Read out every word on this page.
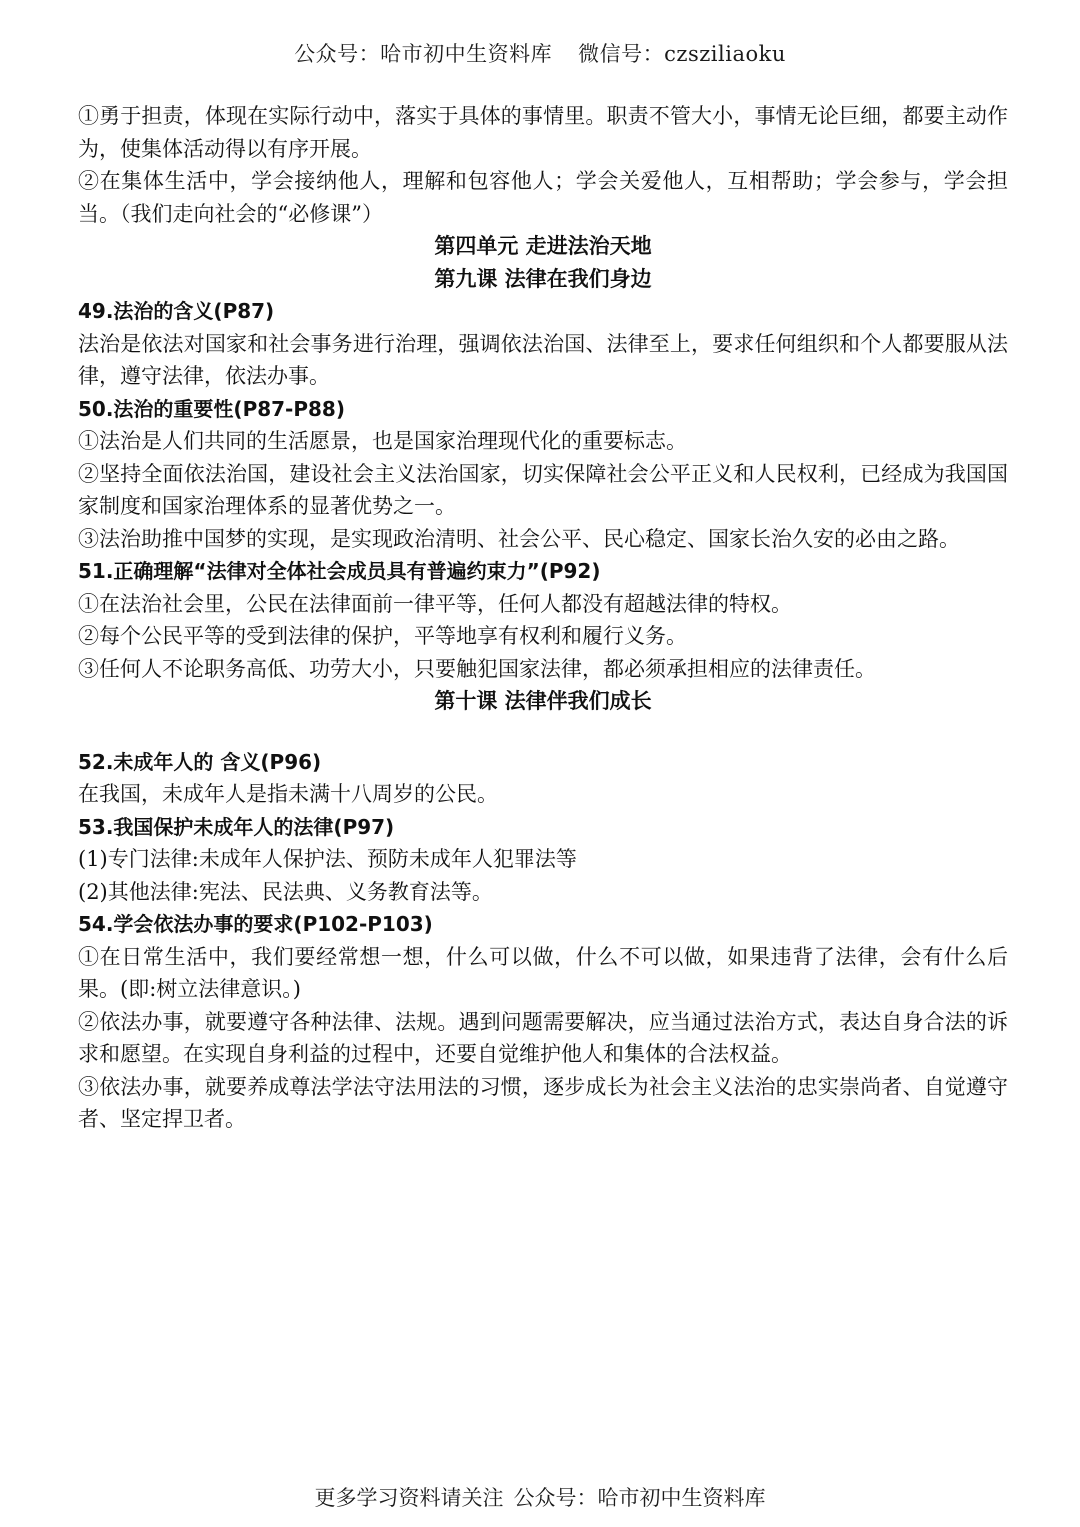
公众号：哈市初中生资料库 微信号：czsziliaoku

①勇于担责，体现在实际行动中，落实于具体的事情里。职责不管大小，事情无论巨细，都要主动作为，使集体活动得以有序开展。

②在集体生活中，学会接纳他人，理解和包容他人；学会关爱他人，互相帮助；学会参与，学会担当。（我们走向社会的“必修课”）

第四单元 走进法治天地
第九课 法律在我们身边
49.法治的含义(P87)

法治是依法对国家和社会事务进行治理，强调依法治国、法律至上，要求任何组织和个人都要服从法律，遵守法律，依法办事。

50.法治的重要性(P87-P88)

①法治是人们共同的生活愿景，也是国家治理现代化的重要标志。

②坚持全面依法治国，建设社会主义法治国家，切实保障社会公平正义和人民权利，已经成为我国国家制度和国家治理体系的显著优势之一。

③法治助推中国梦的实现，是实现政治清明、社会公平、民心稳定、国家长治久安的必由之路。

51.正确理解“法律对全体社会成员具有普遍约束力”(P92)

①在法治社会里，公民在法律面前一律平等，任何人都没有超越法律的特权。

②每个公民平等的受到法律的保护，平等地享有权利和履行义务。

③任何人不论职务高低、功劳大小，只要触犯国家法律，都必须承担相应的法律责任。

第十课 法律伴我们成长
52.未成年人的 含义(P96)

在我国，未成年人是指未满十八周岁的公民。

53.我国保护未成年人的法律(P97)

(1)专门法律:未成年人保护法、预防未成年人犯罪法等

(2)其他法律:宪法、民法典、义务教育法等。

54.学会依法办事的要求(P102-P103)

①在日常生活中，我们要经常想一想，什么可以做，什么不可以做，如果违背了法律，会有什么后果。(即:树立法律意识。)

②依法办事，就要遵守各种法律、法规。遇到问题需要解决，应当通过法治方式，表达自身合法的诉求和愿望。在实现自身利益的过程中，还要自觉维护他人和集体的合法权益。

③依法办事，就要养成尊法学法守法用法的习惯，逐步成长为社会主义法治的忠实崇尚者、自觉遵守者、坚定捍卫者。

更多学习资料请关注 公众号：哈市初中生资料库
